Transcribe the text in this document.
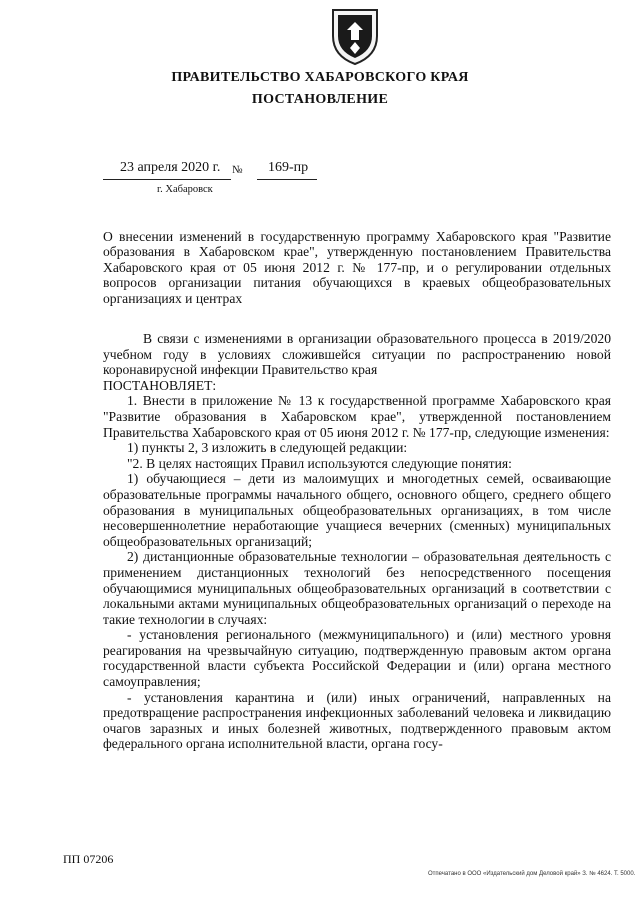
ПРАВИТЕЛЬСТВО ХАБАРОВСКОГО КРАЯ
ПОСТАНОВЛЕНИЕ
23 апреля 2020 г. № 169-пр
г. Хабаровск
О внесении изменений в государственную программу Хабаровского края "Развитие образования в Хабаровском крае", утвержденную постановлением Правительства Хабаровского края от 05 июня 2012 г. № 177-пр, и о регулировании отдельных вопросов организации питания обучающихся в краевых общеобразовательных организациях и центрах

В связи с изменениями в организации образовательного процесса в 2019/2020 учебном году в условиях сложившейся ситуации по распространению новой коронавирусной инфекции Правительство края

ПОСТАНОВЛЯЕТ:

1. Внести в приложение № 13 к государственной программе Хабаровского края "Развитие образования в Хабаровском крае", утвержденной постановлением Правительства Хабаровского края от 05 июня 2012 г. № 177-пр, следующие изменения:

1) пункты 2, 3 изложить в следующей редакции:

"2. В целях настоящих Правил используются следующие понятия:

1) обучающиеся – дети из малоимущих и многодетных семей, осваивающие образовательные программы начального общего, основного общего, среднего общего образования в муниципальных общеобразовательных организациях, в том числе несовершеннолетние неработающие учащиеся вечерних (сменных) муниципальных общеобразовательных организаций;

2) дистанционные образовательные технологии – образовательная деятельность с применением дистанционных технологий без непосредственного посещения обучающимися муниципальных общеобразовательных организаций в соответствии с локальными актами муниципальных общеобразовательных организаций о переходе на такие технологии в случаях:

- установления регионального (межмуниципального) и (или) местного уровня реагирования на чрезвычайную ситуацию, подтвержденную правовым актом органа государственной власти субъекта Российской Федерации и (или) органа местного самоуправления;

- установления карантина и (или) иных ограничений, направленных на предотвращение распространения инфекционных заболеваний человека и ликвидацию очагов заразных и иных болезней животных, подтвержденного правовым актом федерального органа исполнительной власти, органа госу-

ПП 07206
Отпечатано в ООО «Издательский дом Деловой край» З. № 4624. Т. 5000.
